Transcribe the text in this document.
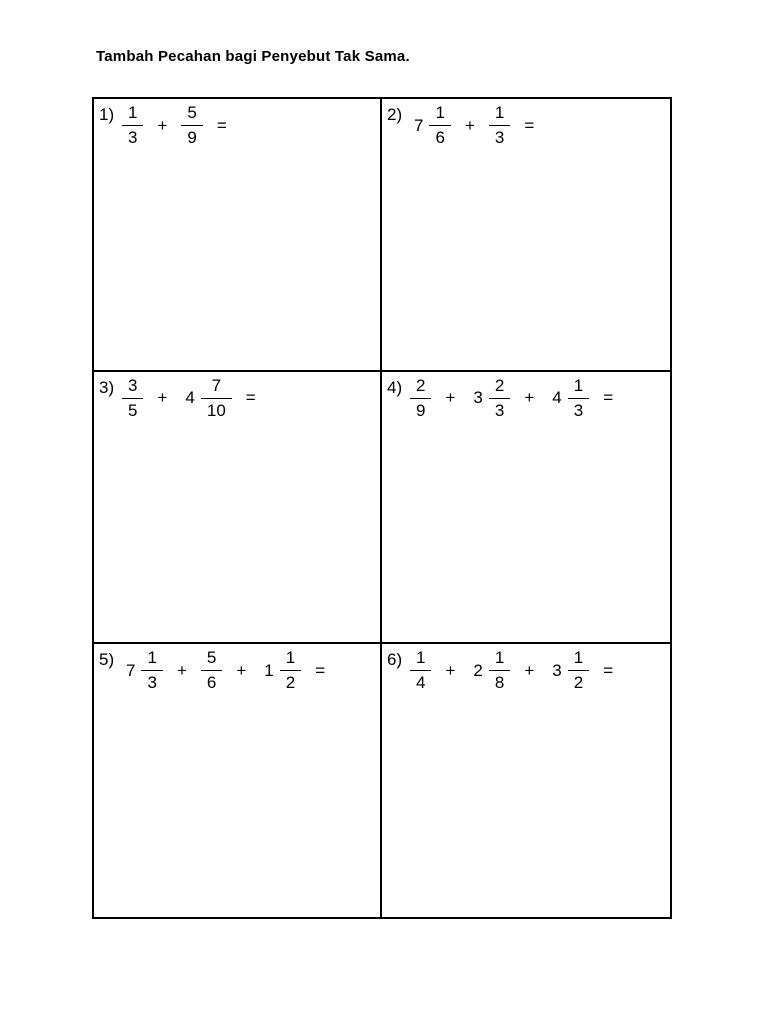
Tambah Pecahan bagi Penyebut Tak Sama.
$1) \frac{1}{3} + \frac{5}{9}$ =
2)
$7 \frac{1}{6} + \frac{1}{3}$ =
$3) \frac{3}{5} + 4 \frac{7}{10}$ =
$4) \frac{2}{9} + 3 \frac{2}{3} + 4 \frac{1}{3}$ =
5)
$7 \frac{1}{3} + \frac{5}{6} + 1 \frac{1}{2}$ =
$6) \frac{1}{4} + 2 \frac{1}{8} + 3 \frac{1}{2}$ =
